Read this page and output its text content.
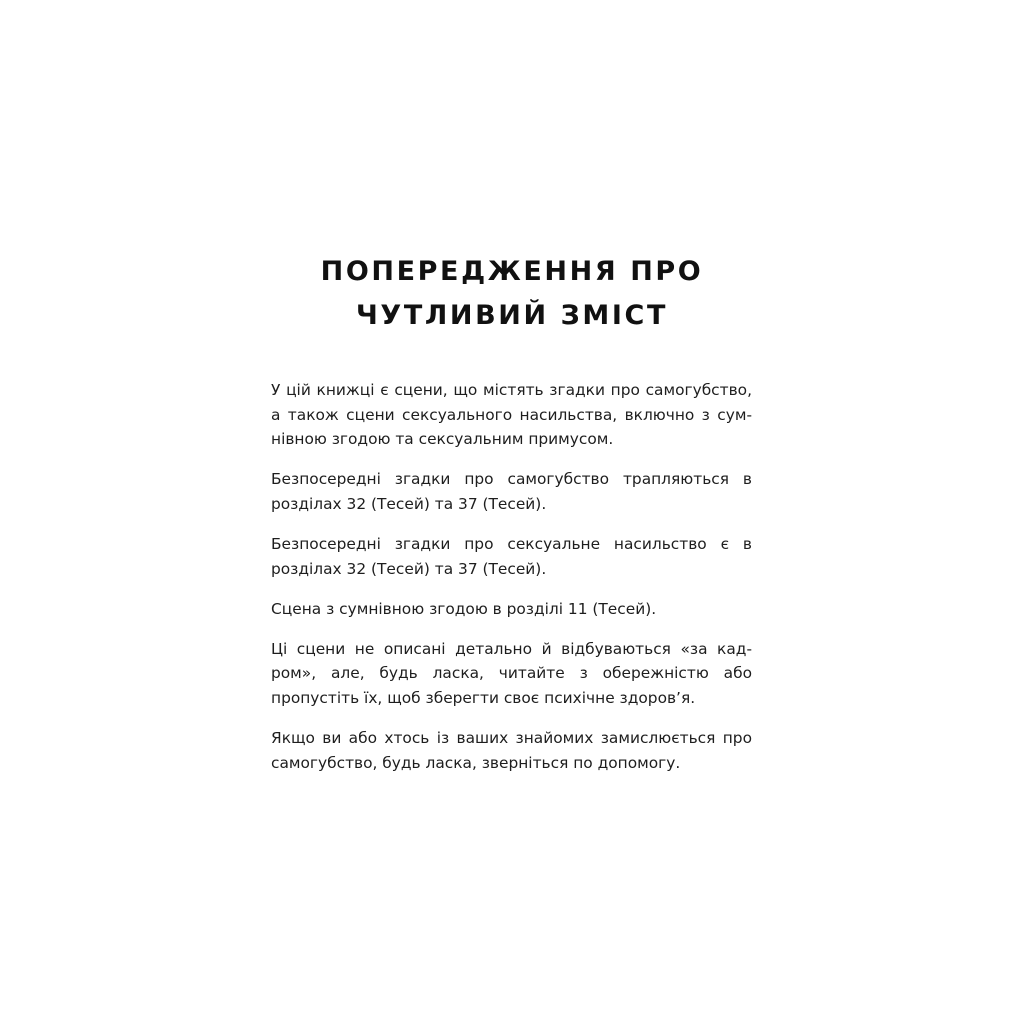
ПОПЕРЕДЖЕННЯ ПРО
ЧУТЛИВИЙ ЗМІСТ

У цій книжці є сцени, що містять згадки про самогубство, а також сцени сексуального насильства, включно з сумнівною згодою та сексуальним примусом.

Безпосередні згадки про самогубство трапляються в розділах 32 (Тесей) та 37 (Тесей).

Безпосередні згадки про сексуальне насильство є в розділах 32 (Тесей) та 37 (Тесей).

Сцена з сумнівною згодою в розділі 11 (Тесей).

Ці сцени не описані детально й відбуваються «за кадром», але, будь ласка, читайте з обережністю або пропустіть їх, щоб зберегти своє психічне здоров’я.

Якщо ви або хтось із ваших знайомих замислюється про самогубство, будь ласка, зверніться по допомогу.
